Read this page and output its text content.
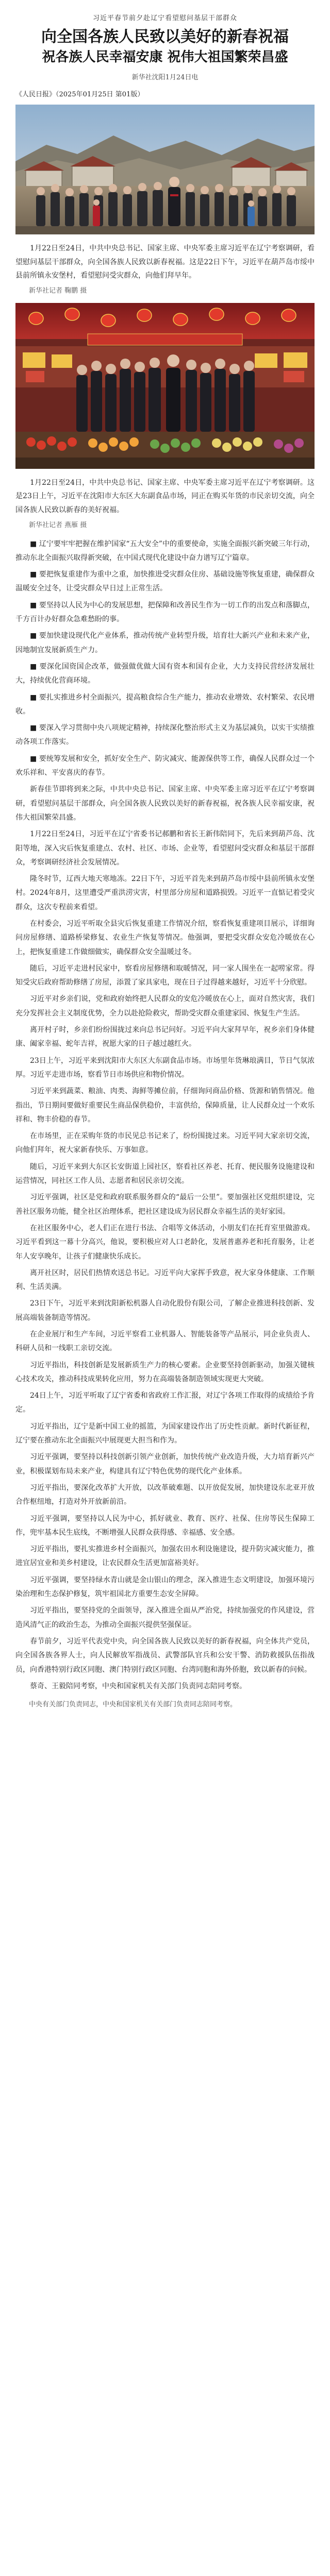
习近平春节前夕赴辽宁看望慰问基层干部群众
向全国各族人民致以美好的新春祝福
祝各族人民幸福安康 祝伟大祖国繁荣昌盛
新华社沈阳1月24日电
《人民日报》（2025年01月25日 第01版）
1月22日至24日，中共中央总书记、国家主席、中央军委主席习近平在辽宁考察调研，看望慰问基层干部群众，向全国各族人民致以新春祝福。这是22日下午，习近平在葫芦岛市绥中县前所镇永安堡村，看望慰问受灾群众，向他们拜早年。
新华社记者 鞠鹏 摄
1月22日至24日，中共中央总书记、国家主席、中央军委主席习近平在辽宁考察调研。这是23日上午，习近平在沈阳市大东区大东副食品市场，同正在购买年货的市民亲切交流，向全国各族人民致以新春的美好祝福。
新华社记者 燕雁 摄

■ 辽宁要牢牢把握在维护国家“五大安全”中的重要使命，实施全面振兴新突破三年行动，推动东北全面振兴取得新突破，在中国式现代化建设中奋力谱写辽宁篇章。

■ 要把恢复重建作为重中之重，加快推进受灾群众住房、基础设施等恢复重建，确保群众温暖安全过冬，让受灾群众早日过上正常生活。

■ 要坚持以人民为中心的发展思想，把保障和改善民生作为一切工作的出发点和落脚点，千方百计办好群众急难愁盼的事。

■ 要加快建设现代化产业体系，推动传统产业转型升级，培育壮大新兴产业和未来产业，因地制宜发展新质生产力。

■ 要深化国资国企改革，做强做优做大国有资本和国有企业，大力支持民营经济发展壮大，持续优化营商环境。

■ 要扎实推进乡村全面振兴，提高粮食综合生产能力，推动农业增效、农村繁荣、农民增收。

■ 要深入学习贯彻中央八项规定精神，持续深化整治形式主义为基层减负，以实干实绩推动各项工作落实。

■ 要统筹发展和安全，抓好安全生产、防灾减灾、能源保供等工作，确保人民群众过一个欢乐祥和、平安喜庆的春节。

新春佳节即将到来之际，中共中央总书记、国家主席、中央军委主席习近平在辽宁考察调研，看望慰问基层干部群众，向全国各族人民致以美好的新春祝福，祝各族人民幸福安康，祝伟大祖国繁荣昌盛。

1月22日至24日，习近平在辽宁省委书记郝鹏和省长王新伟陪同下，先后来到葫芦岛、沈阳等地，深入灾后恢复重建点、农村、社区、市场、企业等，看望慰问受灾群众和基层干部群众，考察调研经济社会发展情况。

隆冬时节，辽西大地天寒地冻。22日下午，习近平首先来到葫芦岛市绥中县前所镇永安堡村。2024年8月，这里遭受严重洪涝灾害，村里部分房屋和道路损毁。习近平一直惦记着受灾群众，这次专程前来看望。

在村委会，习近平听取全县灾后恢复重建工作情况介绍，察看恢复重建项目展示，详细询问房屋修缮、道路桥梁修复、农业生产恢复等情况。他强调，要把受灾群众安危冷暖放在心上，把恢复重建工作做细做实，确保群众安全温暖过冬。

随后，习近平走进村民家中，察看房屋修缮和取暖情况，同一家人围坐在一起唠家常。得知受灾后政府帮助修缮了房屋，添置了家具家电，现在日子过得越来越好，习近平十分欣慰。

习近平对乡亲们说，党和政府始终把人民群众的安危冷暖放在心上，面对自然灾害，我们充分发挥社会主义制度优势，全力以赴抢险救灾，帮助受灾群众重建家园、恢复生产生活。

离开村子时，乡亲们纷纷围拢过来向总书记问好。习近平向大家拜早年，祝乡亲们身体健康、阖家幸福、蛇年吉祥，祝愿大家的日子越过越红火。

23日上午，习近平来到沈阳市大东区大东副食品市场。市场里年货琳琅满目，节日气氛浓厚。习近平走进市场，察看节日市场供应和物价情况。

习近平来到蔬菜、粮油、肉类、海鲜等摊位前，仔细询问商品价格、货源和销售情况。他指出，节日期间要做好重要民生商品保供稳价，丰富供给，保障质量，让人民群众过一个欢乐祥和、物丰价稳的春节。

在市场里，正在采购年货的市民见总书记来了，纷纷围拢过来。习近平同大家亲切交流，向他们拜年，祝大家新春快乐、万事如意。

随后，习近平来到大东区长安街道上园社区，察看社区养老、托育、便民服务设施建设和运营情况，同社区工作人员、志愿者和居民亲切交流。

习近平强调，社区是党和政府联系服务群众的“最后一公里”。要加强社区党组织建设，完善社区服务功能，健全社区治理体系，把社区建设成为居民群众幸福生活的美好家园。

在社区服务中心，老人们正在进行书法、合唱等文体活动，小朋友们在托育室里做游戏。习近平看到这一幕十分高兴，他说，要积极应对人口老龄化，发展普惠养老和托育服务，让老年人安享晚年，让孩子们健康快乐成长。

离开社区时，居民们热情欢送总书记。习近平向大家挥手致意，祝大家身体健康、工作顺利、生活美满。

23日下午，习近平来到沈阳新松机器人自动化股份有限公司，了解企业推进科技创新、发展高端装备制造等情况。

在企业展厅和生产车间，习近平察看工业机器人、智能装备等产品展示，同企业负责人、科研人员和一线职工亲切交流。

习近平指出，科技创新是发展新质生产力的核心要素。企业要坚持创新驱动，加强关键核心技术攻关，推动科技成果转化应用，努力在高端装备制造领域实现更大突破。

24日上午，习近平听取了辽宁省委和省政府工作汇报，对辽宁各项工作取得的成绩给予肯定。

习近平指出，辽宁是新中国工业的摇篮，为国家建设作出了历史性贡献。新时代新征程，辽宁要在推动东北全面振兴中展现更大担当和作为。

习近平强调，要坚持以科技创新引领产业创新，加快传统产业改造升级，大力培育新兴产业，积极谋划布局未来产业，构建具有辽宁特色优势的现代化产业体系。

习近平指出，要深化改革扩大开放，以改革破难题、以开放促发展，加快建设东北亚开放合作枢纽地，打造对外开放新前沿。

习近平强调，要坚持以人民为中心，抓好就业、教育、医疗、社保、住房等民生保障工作，兜牢基本民生底线，不断增强人民群众获得感、幸福感、安全感。

习近平指出，要扎实推进乡村全面振兴，加强农田水利设施建设，提升防灾减灾能力，推进宜居宜业和美乡村建设，让农民群众生活更加富裕美好。

习近平强调，要坚持绿水青山就是金山银山的理念，深入推进生态文明建设，加强环境污染治理和生态保护修复，筑牢祖国北方重要生态安全屏障。

习近平指出，要坚持党的全面领导，深入推进全面从严治党，持续加强党的作风建设，营造风清气正的政治生态，为推动全面振兴提供坚强保证。

春节前夕，习近平代表党中央，向全国各族人民致以美好的新春祝福，向全体共产党员，向全国各族各界人士，向人民解放军指战员、武警部队官兵和公安干警、消防救援队伍指战员，向香港特别行政区同胞、澳门特别行政区同胞、台湾同胞和海外侨胞，致以新春的问候。

蔡奇、王毅陪同考察，中央和国家机关有关部门负责同志陪同考察。

中央有关部门负责同志，中央和国家机关有关部门负责同志陪同考察。
